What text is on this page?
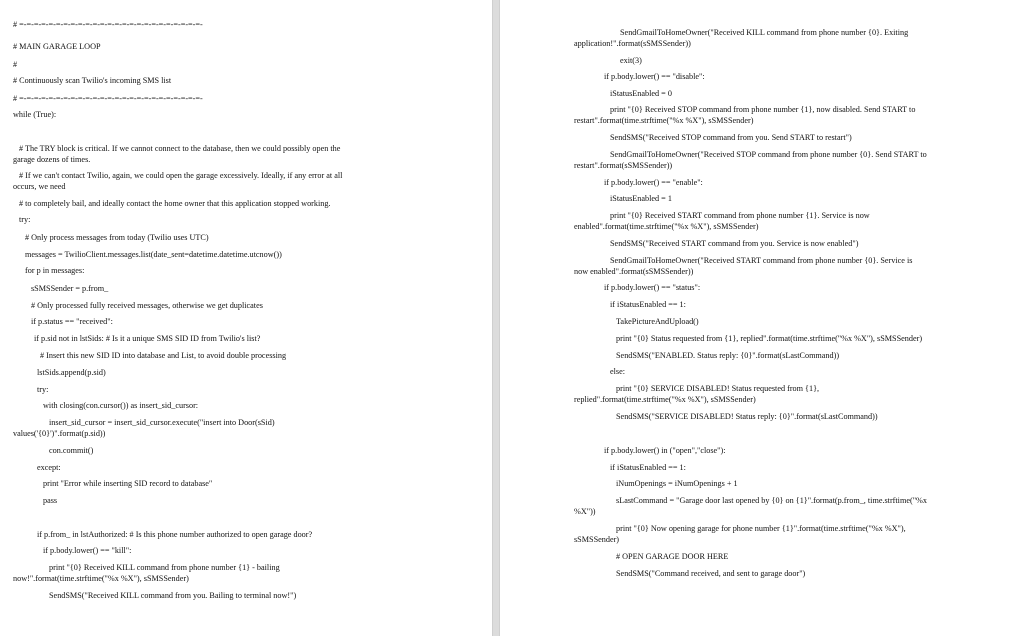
# =-=-=-=-=-=-=-=-=-=-=-=-=-=-=-=-=-=-=-=-=-=-=-=-=-
# MAIN GARAGE LOOP
#
# Continuously scan Twilio's incoming SMS list
# =-=-=-=-=-=-=-=-=-=-=-=-=-=-=-=-=-=-=-=-=-=-=-=-=-
while (True):
# The TRY block is critical. If we cannot connect to the database, then we could possibly open the
garage dozens of times.
# If we can't contact Twilio, again, we could open the garage excessively. Ideally, if any error at all
occurs, we need
# to completely bail, and ideally contact the home owner that this application stopped working.
try:
# Only process messages from today (Twilio uses UTC)
messages = TwilioClient.messages.list(date_sent=datetime.datetime.utcnow())
for p in messages:
sSMSSender = p.from_
# Only processed fully received messages, otherwise we get duplicates
if p.status == "received":
if p.sid not in lstSids: # Is it a unique SMS SID ID from Twilio's list?
# Insert this new SID ID into database and List, to avoid double processing
lstSids.append(p.sid)
try:
with closing(con.cursor()) as insert_sid_cursor:
insert_sid_cursor = insert_sid_cursor.execute("insert into Door(sSid)
values('{0}')".format(p.sid))
con.commit()
except:
print "Error while inserting SID record to database"
pass
if p.from_ in lstAuthorized: # Is this phone number authorized to open garage door?
if p.body.lower() == "kill":
print "{0} Received KILL command from phone number {1} - bailing
now!".format(time.strftime("%x %X"), sSMSSender)
SendSMS("Received KILL command from you. Bailing to terminal now!")
SendGmailToHomeOwner("Received KILL command from phone number {0}. Exiting
application!".format(sSMSSender))
exit(3)
if p.body.lower() == "disable":
iStatusEnabled = 0
print "{0} Received STOP command from phone number {1}, now disabled. Send START to
restart".format(time.strftime("%x %X"), sSMSSender)
SendSMS("Received STOP command from you. Send START to restart")
SendGmailToHomeOwner("Received STOP command from phone number {0}. Send START to
restart".format(sSMSSender))
if p.body.lower() == "enable":
iStatusEnabled = 1
print "{0} Received START command from phone number {1}. Service is now
enabled".format(time.strftime("%x %X"), sSMSSender)
SendSMS("Received START command from you. Service is now enabled")
SendGmailToHomeOwner("Received START command from phone number {0}. Service is
now enabled".format(sSMSSender))
if p.body.lower() == "status":
if iStatusEnabled == 1:
TakePictureAndUpload()
print "{0} Status requested from {1}, replied".format(time.strftime("%x %X"), sSMSSender)
SendSMS("ENABLED. Status reply: {0}".format(sLastCommand))
else:
print "{0} SERVICE DISABLED! Status requested from {1},
replied".format(time.strftime("%x %X"), sSMSSender)
SendSMS("SERVICE DISABLED! Status reply: {0}".format(sLastCommand))
if p.body.lower() in ("open","close"):
if iStatusEnabled == 1:
iNumOpenings = iNumOpenings + 1
sLastCommand = "Garage door last opened by {0} on {1}".format(p.from_, time.strftime("%x
%X"))
print "{0} Now opening garage for phone number {1}".format(time.strftime("%x %X"),
sSMSSender)
# OPEN GARAGE DOOR HERE
SendSMS("Command received, and sent to garage door")
